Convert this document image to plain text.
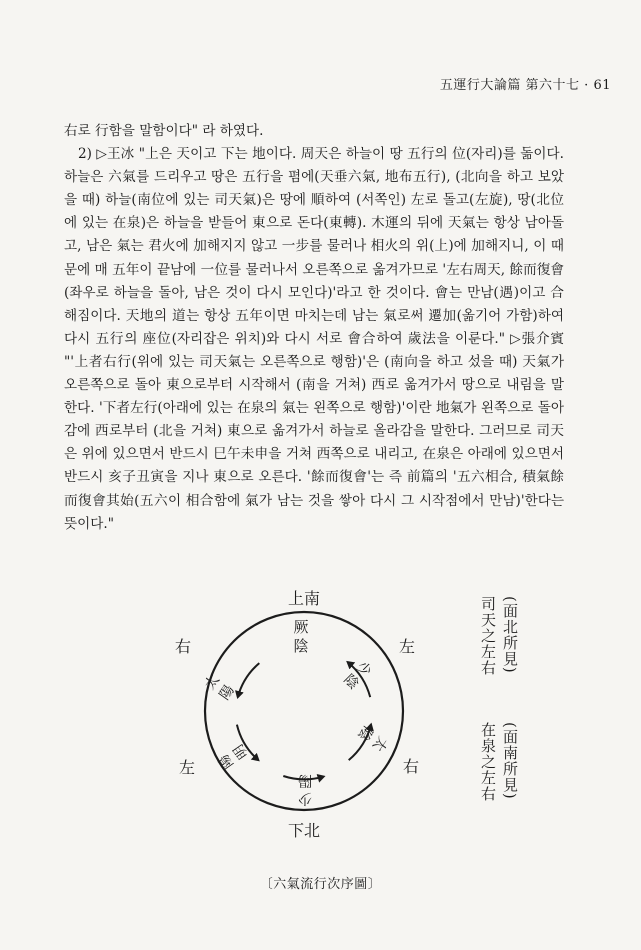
五運行大論篇 第六十七 · 61

右로 行함을 말함이다" 라 하였다.

2) ▷王冰 "上은 天이고 下는 地이다. 周天은 하늘이 땅 五行의 位(자리)를 돎이다. 하늘은 六氣를 드리우고 땅은 五行을 폄에(天垂六氣, 地布五行), (北向을 하고 보았을 때) 하늘(南位에 있는 司天氣)은 땅에 順하여 (서쪽인) 左로 돌고(左旋), 땅(北位에 있는 在泉)은 하늘을 받들어 東으로 돈다(東轉). 木運의 뒤에 天氣는 항상 남아돌고, 남은 氣는 君火에 加해지지 않고 一步를 물러나 相火의 위(上)에 加해지니, 이 때문에 매 五年이 끝남에 一位를 물러나서 오른쪽으로 옮겨가므로 '左右周天, 餘而復會(좌우로 하늘을 돌아, 남은 것이 다시 모인다)'라고 한 것이다. 會는 만남(遇)이고 合해짐이다. 天地의 道는 항상 五年이면 마치는데 남는 氣로써 遷加(옮기어 가함)하여 다시 五行의 座位(자리잡은 위치)와 다시 서로 會合하여 歲法을 이룬다." ▷張介賓 "'上者右行(위에 있는 司天氣는 오른쪽으로 행함)'은 (南向을 하고 섰을 때) 天氣가 오른쪽으로 돌아 東으로부터 시작해서 (南을 거쳐) 西로 옮겨가서 땅으로 내림을 말한다. '下者左行(아래에 있는 在泉의 氣는 왼쪽으로 행함)'이란 地氣가 왼쪽으로 돌아감에 西로부터 (北을 거쳐) 東으로 옮겨가서 하늘로 올라감을 말한다. 그러므로 司天은 위에 있으면서 반드시 巳午未申을 거쳐 西쪽으로 내리고, 在泉은 아래에 있으면서 반드시 亥子丑寅을 지나 東으로 오른다. '餘而復會'는 즉 前篇의 '五六相合, 積氣餘而復會其始(五六이 相合함에 氣가 남는 것을 쌓아 다시 그 시작점에서 만남)'한다는 뜻이다."

上南
下北
右
左
左
右
厥
陰
少
陰
太
陰
少
陽
陽
明
太
陽
(面北所見)
司天之左右
(面南所見)
在泉之左右
〔六氣流行次序圖〕
